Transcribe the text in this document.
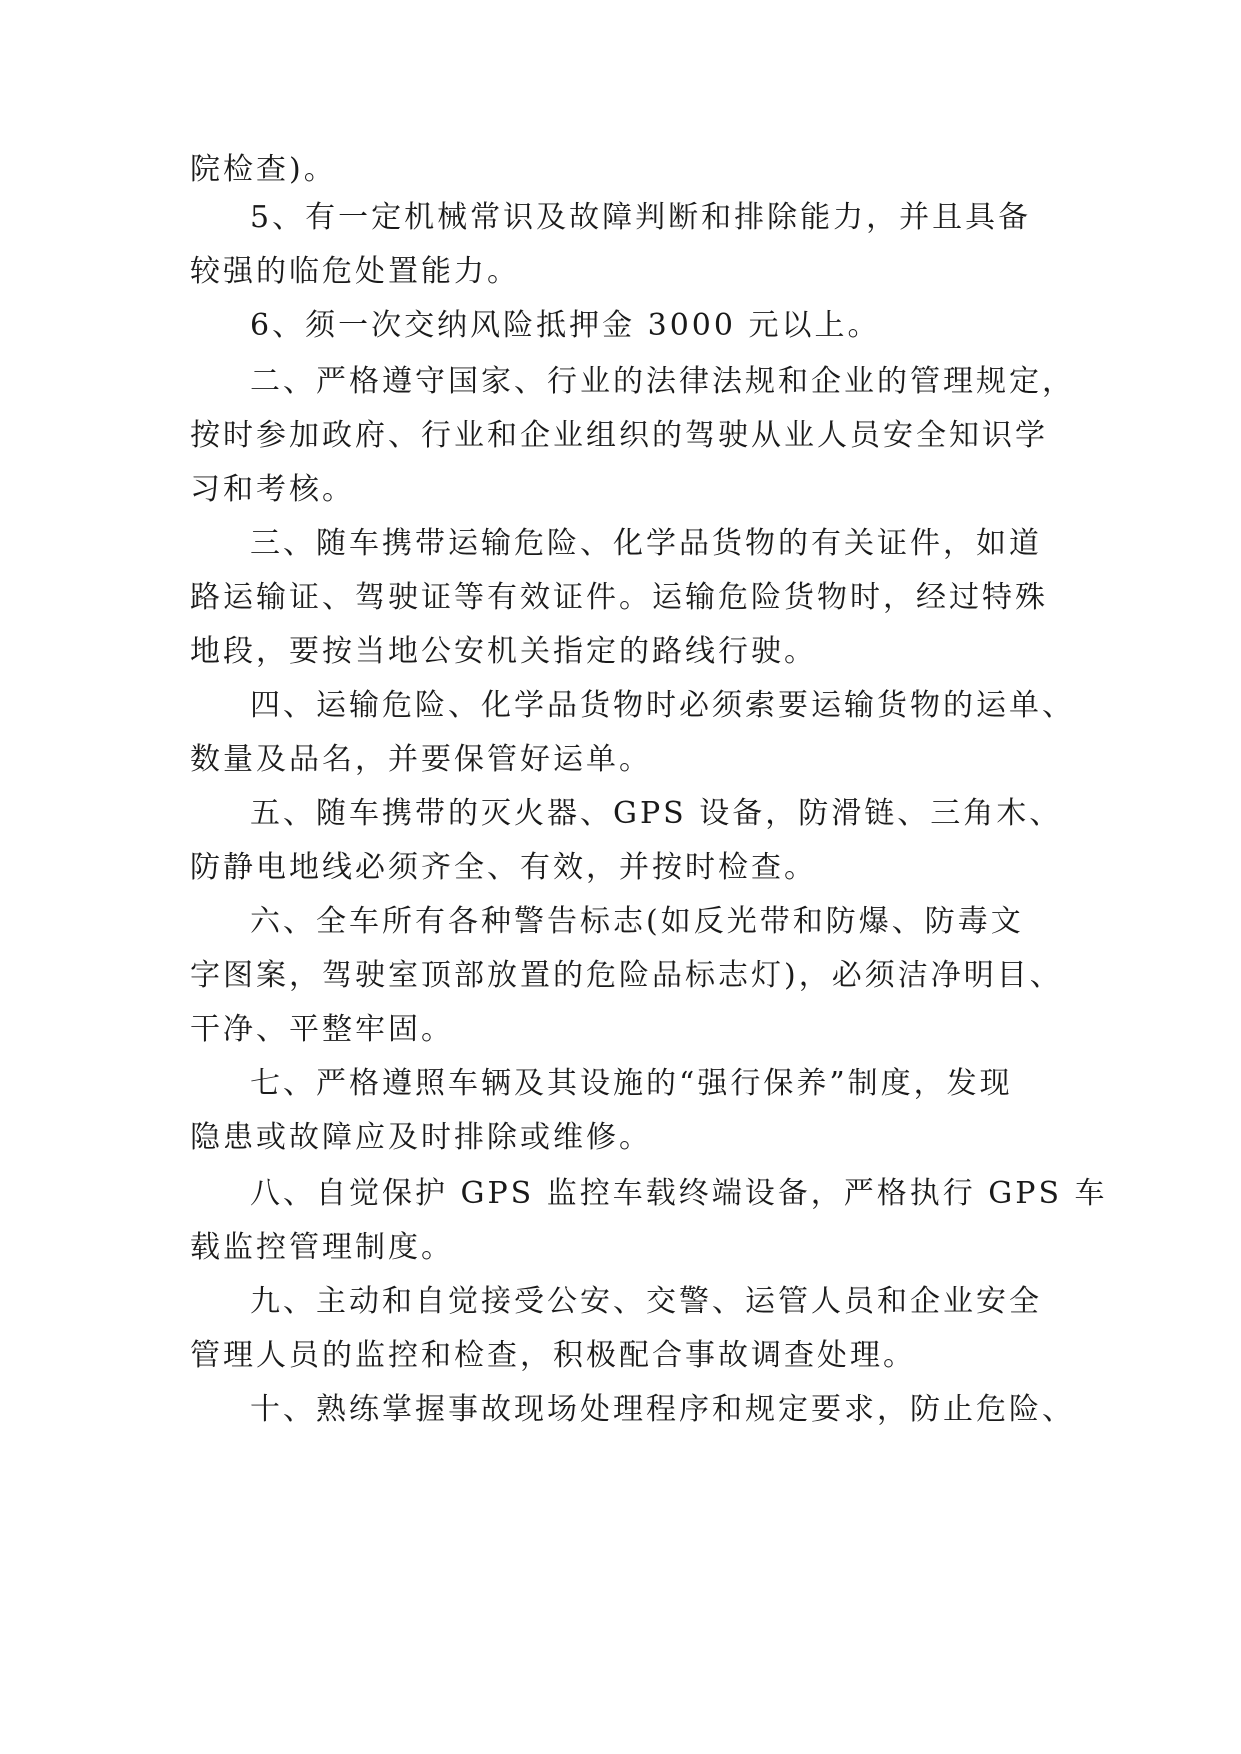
院检查)。
5、有一定机械常识及故障判断和排除能力，并且具备
较强的临危处置能力。
6、须一次交纳风险抵押金 3000 元以上。
二、严格遵守国家、行业的法律法规和企业的管理规定，
按时参加政府、行业和企业组织的驾驶从业人员安全知识学
习和考核。
三、随车携带运输危险、化学品货物的有关证件，如道
路运输证、驾驶证等有效证件。运输危险货物时，经过特殊
地段，要按当地公安机关指定的路线行驶。
四、运输危险、化学品货物时必须索要运输货物的运单、
数量及品名，并要保管好运单。
五、随车携带的灭火器、GPS 设备，防滑链、三角木、
防静电地线必须齐全、有效，并按时检查。
六、全车所有各种警告标志(如反光带和防爆、防毒文
字图案，驾驶室顶部放置的危险品标志灯)，必须洁净明目、
干净、平整牢固。
七、严格遵照车辆及其设施的“强行保养”制度，发现
隐患或故障应及时排除或维修。
八、自觉保护 GPS 监控车载终端设备，严格执行 GPS 车
载监控管理制度。
九、主动和自觉接受公安、交警、运管人员和企业安全
管理人员的监控和检查，积极配合事故调查处理。
十、熟练掌握事故现场处理程序和规定要求，防止危险、
